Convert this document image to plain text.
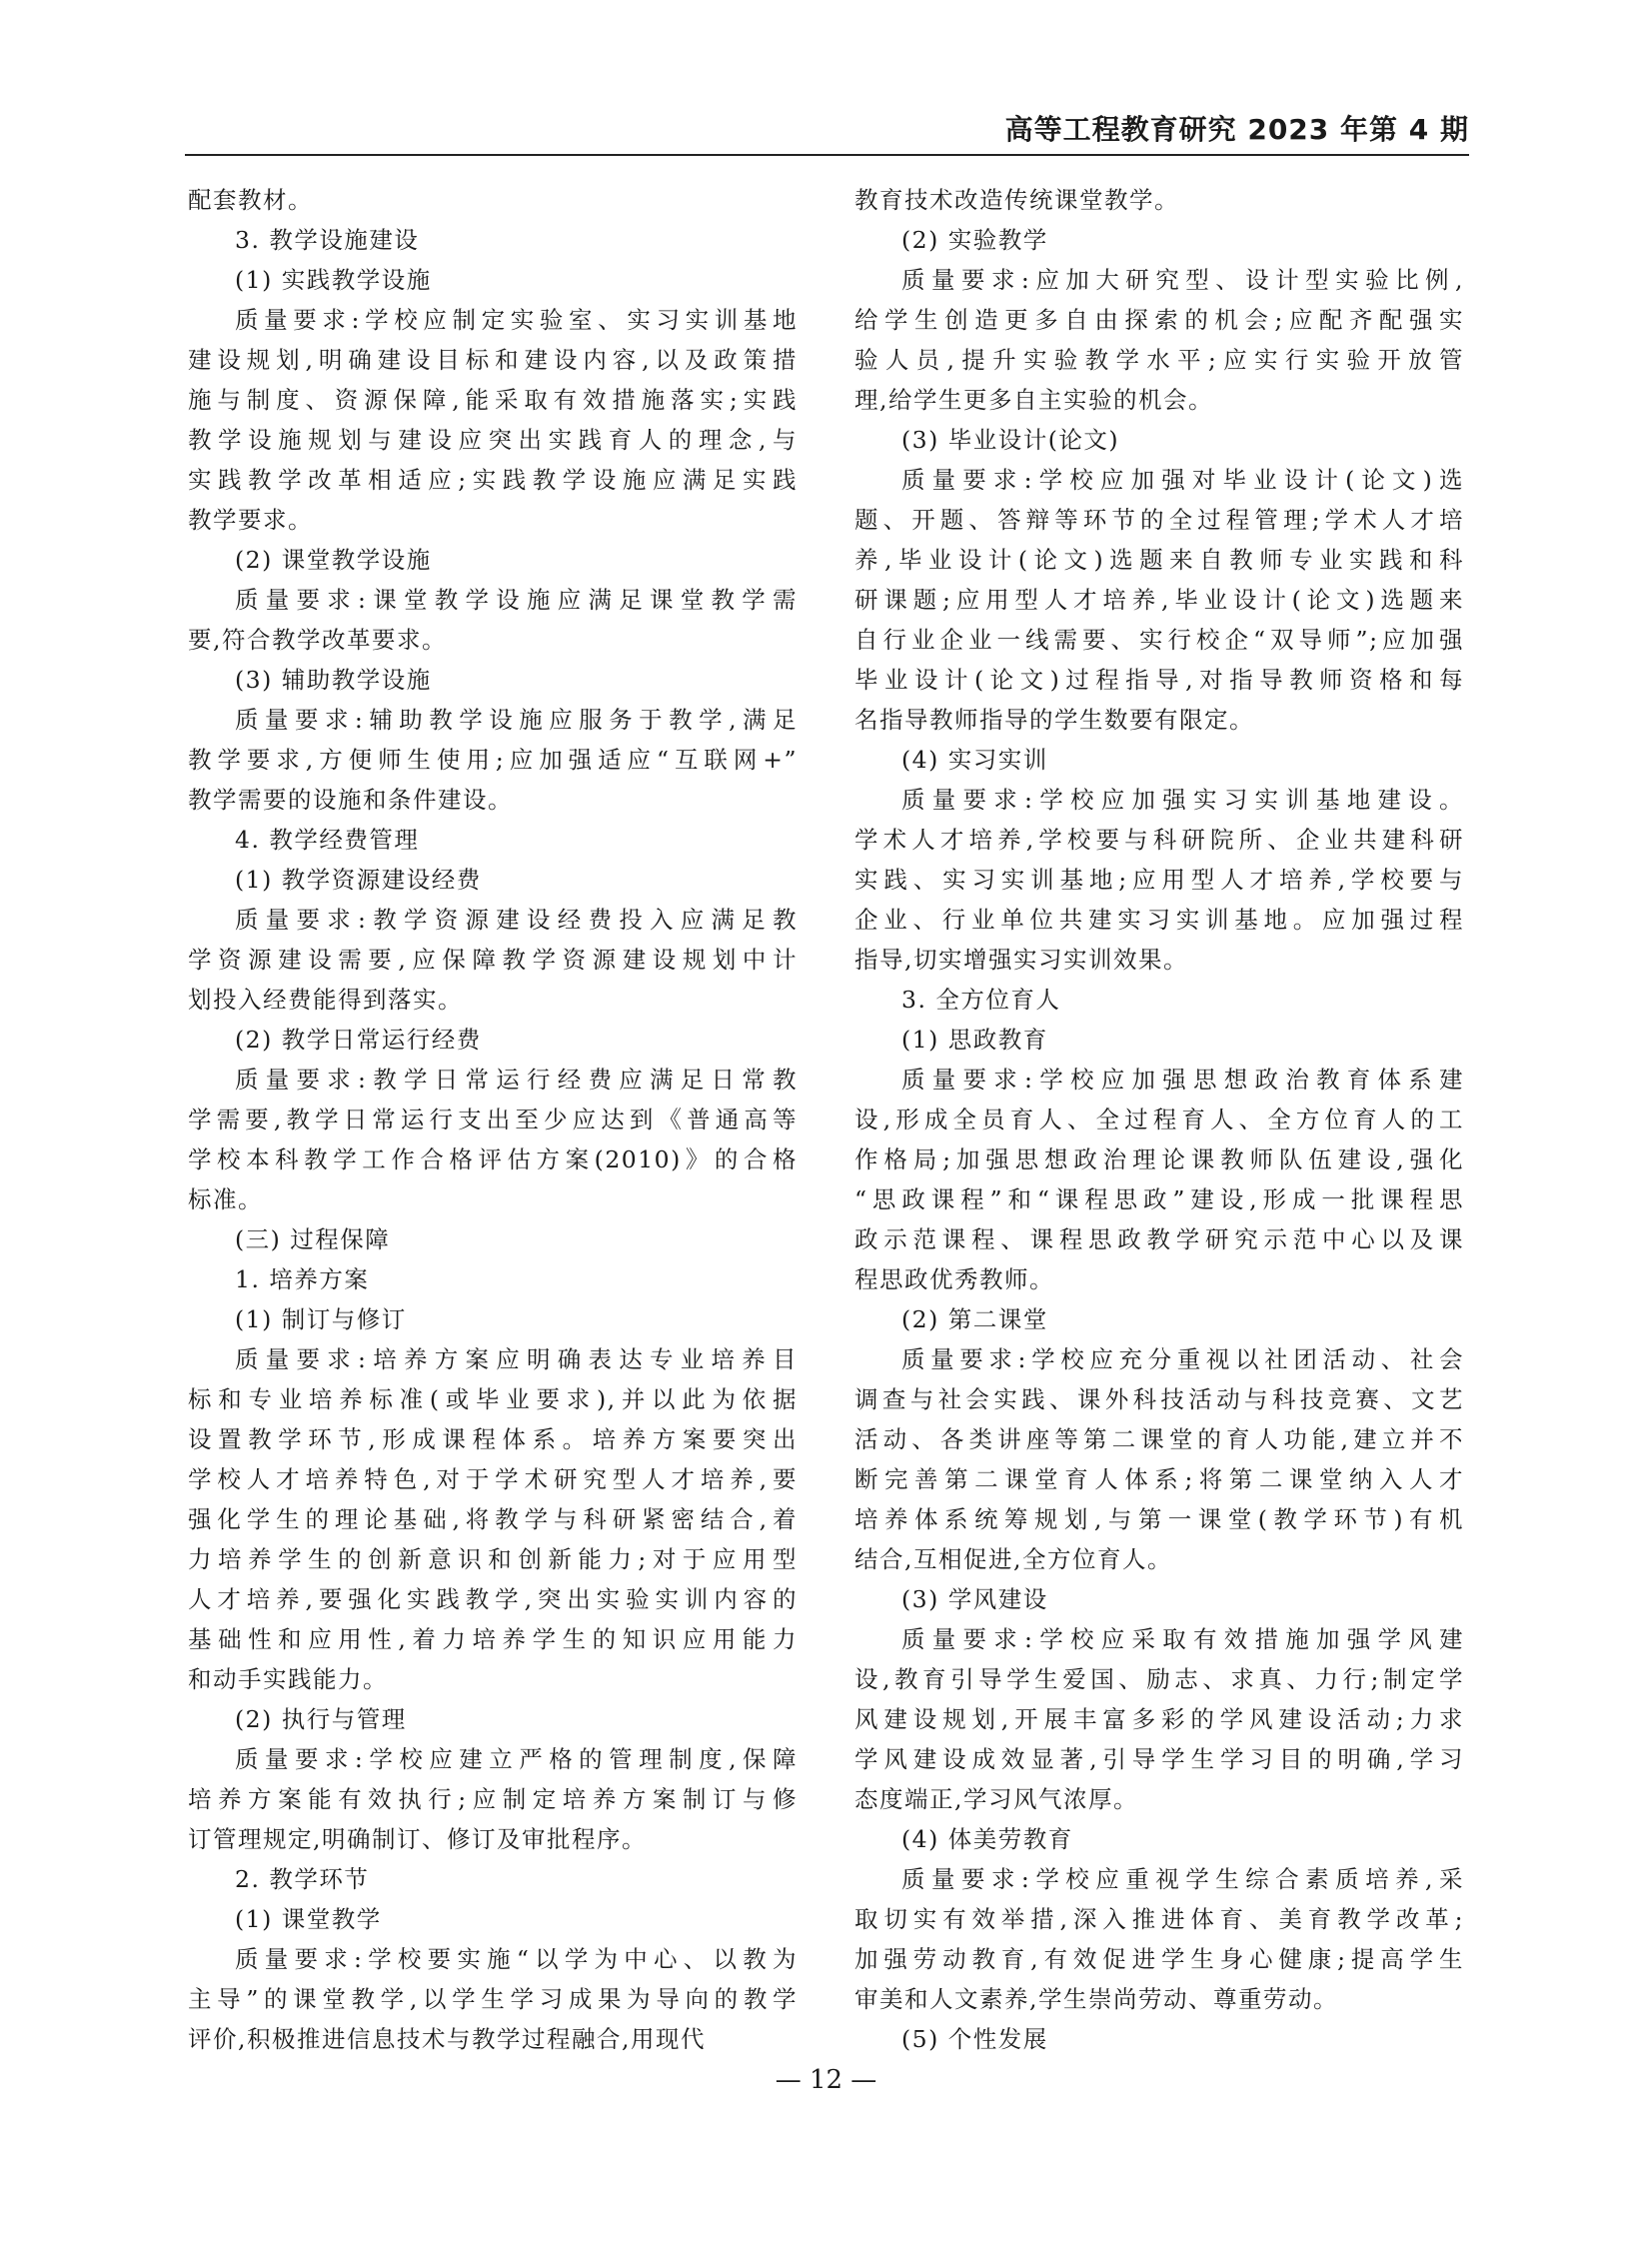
高等工程教育研究 2023 年第 4 期
配套教材。
3. 教学设施建设
(1) 实践教学设施
质量要求:学校应制定实验室、实习实训基地
建设规划,明确建设目标和建设内容,以及政策措
施与制度、资源保障,能采取有效措施落实;实践
教学设施规划与建设应突出实践育人的理念,与
实践教学改革相适应;实践教学设施应满足实践
教学要求。
(2) 课堂教学设施
质量要求:课堂教学设施应满足课堂教学需
要,符合教学改革要求。
(3) 辅助教学设施
质量要求:辅助教学设施应服务于教学,满足
教学要求,方便师生使用;应加强适应“互联网+”
教学需要的设施和条件建设。
4. 教学经费管理
(1) 教学资源建设经费
质量要求:教学资源建设经费投入应满足教
学资源建设需要,应保障教学资源建设规划中计
划投入经费能得到落实。
(2) 教学日常运行经费
质量要求:教学日常运行经费应满足日常教
学需要,教学日常运行支出至少应达到《普通高等
学校本科教学工作合格评估方案(2010)》的合格
标准。
(三) 过程保障
1. 培养方案
(1) 制订与修订
质量要求:培养方案应明确表达专业培养目
标和专业培养标准(或毕业要求),并以此为依据
设置教学环节,形成课程体系。培养方案要突出
学校人才培养特色,对于学术研究型人才培养,要
强化学生的理论基础,将教学与科研紧密结合,着
力培养学生的创新意识和创新能力;对于应用型
人才培养,要强化实践教学,突出实验实训内容的
基础性和应用性,着力培养学生的知识应用能力
和动手实践能力。
(2) 执行与管理
质量要求:学校应建立严格的管理制度,保障
培养方案能有效执行;应制定培养方案制订与修
订管理规定,明确制订、修订及审批程序。
2. 教学环节
(1) 课堂教学
质量要求:学校要实施“以学为中心、以教为
主导”的课堂教学,以学生学习成果为导向的教学
评价,积极推进信息技术与教学过程融合,用现代
教育技术改造传统课堂教学。
(2) 实验教学
质量要求:应加大研究型、设计型实验比例,
给学生创造更多自由探索的机会;应配齐配强实
验人员,提升实验教学水平;应实行实验开放管
理,给学生更多自主实验的机会。
(3) 毕业设计(论文)
质量要求:学校应加强对毕业设计(论文)选
题、开题、答辩等环节的全过程管理;学术人才培
养,毕业设计(论文)选题来自教师专业实践和科
研课题;应用型人才培养,毕业设计(论文)选题来
自行业企业一线需要、实行校企“双导师”;应加强
毕业设计(论文)过程指导,对指导教师资格和每
名指导教师指导的学生数要有限定。
(4) 实习实训
质量要求:学校应加强实习实训基地建设。
学术人才培养,学校要与科研院所、企业共建科研
实践、实习实训基地;应用型人才培养,学校要与
企业、行业单位共建实习实训基地。应加强过程
指导,切实增强实习实训效果。
3. 全方位育人
(1) 思政教育
质量要求:学校应加强思想政治教育体系建
设,形成全员育人、全过程育人、全方位育人的工
作格局;加强思想政治理论课教师队伍建设,强化
“思政课程”和“课程思政”建设,形成一批课程思
政示范课程、课程思政教学研究示范中心以及课
程思政优秀教师。
(2) 第二课堂
质量要求:学校应充分重视以社团活动、社会
调查与社会实践、课外科技活动与科技竞赛、文艺
活动、各类讲座等第二课堂的育人功能,建立并不
断完善第二课堂育人体系;将第二课堂纳入人才
培养体系统筹规划,与第一课堂(教学环节)有机
结合,互相促进,全方位育人。
(3) 学风建设
质量要求:学校应采取有效措施加强学风建
设,教育引导学生爱国、励志、求真、力行;制定学
风建设规划,开展丰富多彩的学风建设活动;力求
学风建设成效显著,引导学生学习目的明确,学习
态度端正,学习风气浓厚。
(4) 体美劳教育
质量要求:学校应重视学生综合素质培养,采
取切实有效举措,深入推进体育、美育教学改革;
加强劳动教育,有效促进学生身心健康;提高学生
审美和人文素养,学生崇尚劳动、尊重劳动。
(5) 个性发展
— 12 —
